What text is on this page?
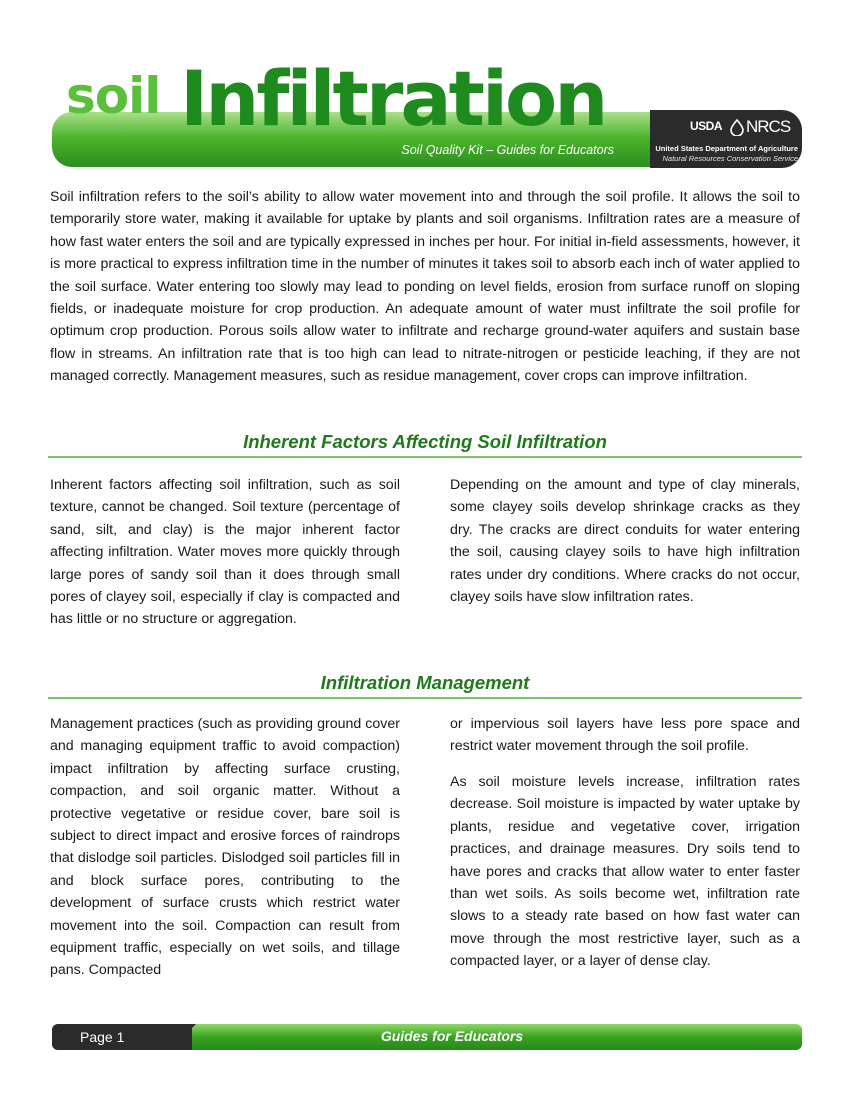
soil Infiltration
Soil Quality Kit – Guides for Educators
USDA NRCS
United States Department of Agriculture
Natural Resources Conservation Service

Soil infiltration refers to the soil’s ability to allow water movement into and through the soil profile. It allows the soil to temporarily store water, making it available for uptake by plants and soil organisms. Infiltration rates are a measure of how fast water enters the soil and are typically expressed in inches per hour. For initial in-field assessments, however, it is more practical to express infiltration time in the number of minutes it takes soil to absorb each inch of water applied to the soil surface. Water entering too slowly may lead to ponding on level fields, erosion from surface runoff on sloping fields, or inadequate moisture for crop production. An adequate amount of water must infiltrate the soil profile for optimum crop production. Porous soils allow water to infiltrate and recharge ground-water aquifers and sustain base flow in streams. An infiltration rate that is too high can lead to nitrate-nitrogen or pesticide leaching, if they are not managed correctly. Management measures, such as residue management, cover crops can improve infiltration.

Inherent Factors Affecting Soil Infiltration

Inherent factors affecting soil infiltration, such as soil texture, cannot be changed. Soil texture (percentage of sand, silt, and clay) is the major inherent factor affecting infiltration. Water moves more quickly through large pores of sandy soil than it does through small pores of clayey soil, especially if clay is compacted and has little or no structure or aggregation.

Depending on the amount and type of clay minerals, some clayey soils develop shrinkage cracks as they dry. The cracks are direct conduits for water entering the soil, causing clayey soils to have high infiltration rates under dry conditions. Where cracks do not occur, clayey soils have slow infiltration rates.

Infiltration Management

Management practices (such as providing ground cover and managing equipment traffic to avoid compaction) impact infiltration by affecting surface crusting, compaction, and soil organic matter. Without a protective vegetative or residue cover, bare soil is subject to direct impact and erosive forces of raindrops that dislodge soil particles. Dislodged soil particles fill in and block surface pores, contributing to the development of surface crusts which restrict water movement into the soil. Compaction can result from equipment traffic, especially on wet soils, and tillage pans. Compacted

or impervious soil layers have less pore space and restrict water movement through the soil profile.

As soil moisture levels increase, infiltration rates decrease. Soil moisture is impacted by water uptake by plants, residue and vegetative cover, irrigation practices, and drainage measures. Dry soils tend to have pores and cracks that allow water to enter faster than wet soils. As soils become wet, infiltration rate slows to a steady rate based on how fast water can move through the most restrictive layer, such as a compacted layer, or a layer of dense clay.

Page 1	Guides for Educators
